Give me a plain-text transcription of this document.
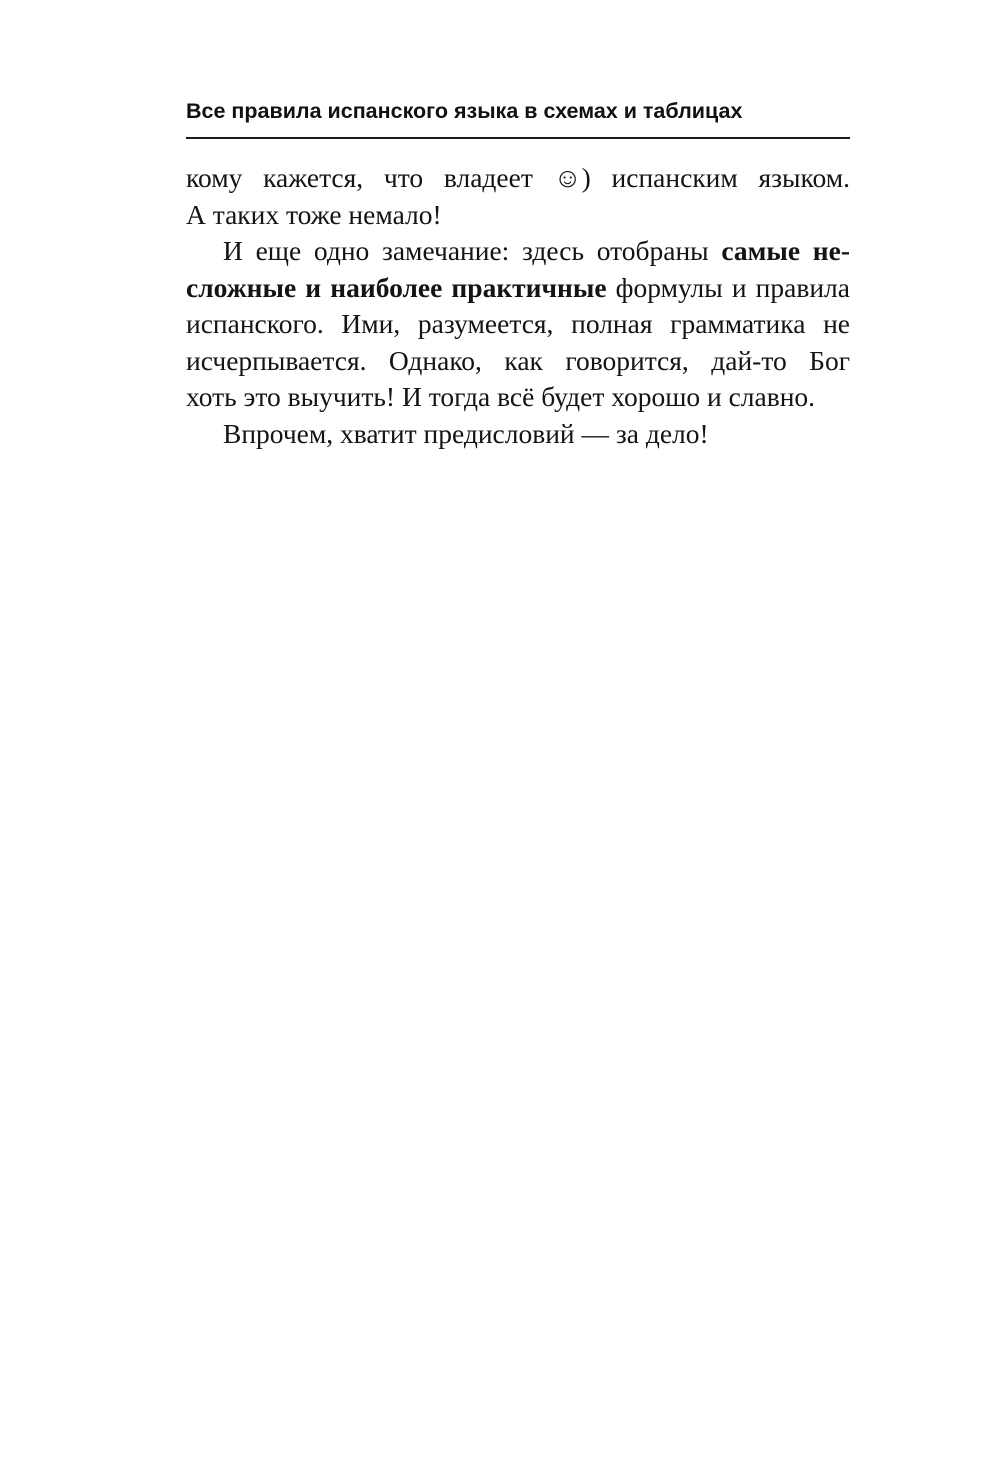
Все правила испанского языка в схемах и таблицах
кому кажется, что владеет ☺) испанским языком.
А таких тоже немало!
И еще одно замечание: здесь отобраны самые не-
сложные и наиболее практичные формулы и правила
испанского. Ими, разумеется, полная грамматика не
исчерпывается. Однако, как говорится, дай-то Бог
хоть это выучить! И тогда всё будет хорошо и славно.
Впрочем, хватит предисловий — за дело!
